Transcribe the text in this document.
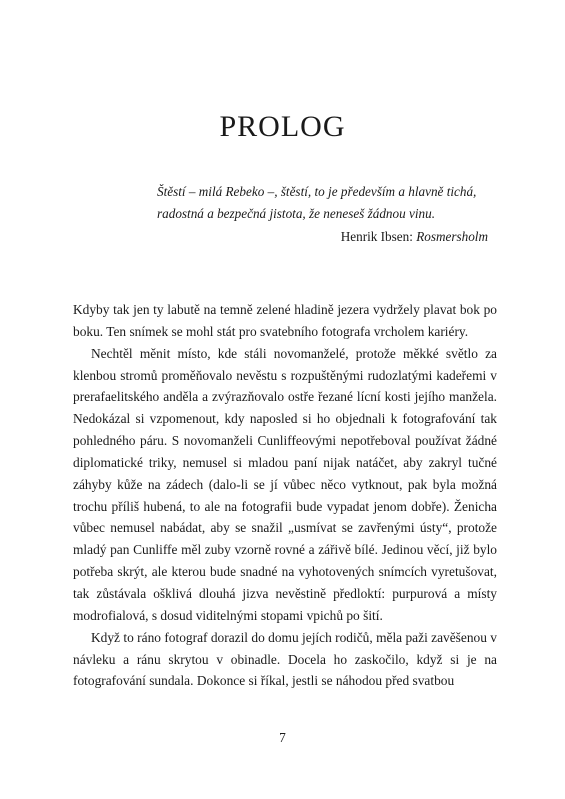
PROLOG

Štěstí – milá Rebeko –, štěstí, to je především a hlavně tichá,

radostná a bezpečná jistota, že neneseš žádnou vinu.

Henrik Ibsen: Rosmersholm

Kdyby tak jen ty labutě na temně zelené hladině jezera vydržely plavat bok po boku. Ten snímek se mohl stát pro svatebního fotografa vrcholem kariéry.

Nechtěl měnit místo, kde stáli novomanželé, protože měkké světlo za klenbou stromů proměňovalo nevěstu s rozpuštěnými rudozlatými kadeřemi v prerafaelitského anděla a zvýrazňovalo ostře řezané lícní kosti jejího manžela. Nedokázal si vzpomenout, kdy naposled si ho objednali k fotografování tak pohledného páru. S novomanželi Cunliffeovými nepotřeboval používat žádné diplomatické triky, nemusel si mladou paní nijak natáčet, aby zakryl tučné záhyby kůže na zádech (dalo-li se jí vůbec něco vytknout, pak byla možná trochu příliš hubená, to ale na fotografii bude vypadat jenom dobře). Ženicha vůbec nemusel nabádat, aby se snažil „usmívat se zavřenými ústy“, protože mladý pan Cunliffe měl zuby vzorně rovné a zářivě bílé. Jedinou věcí, již bylo potřeba skrýt, ale kterou bude snadné na vyhotovených snímcích vyretušovat, tak zůstávala ošklivá dlouhá jizva nevěstině předloktí: purpurová a místy modrofialová, s dosud viditelnými stopami vpichů po šití.

Když to ráno fotograf dorazil do domu jejích rodičů, měla paži zavěšenou v návleku a ránu skrytou v obinadle. Docela ho zaskočilo, když si je na fotografování sundala. Dokonce si říkal, jestli se náhodou před svatbou

7
